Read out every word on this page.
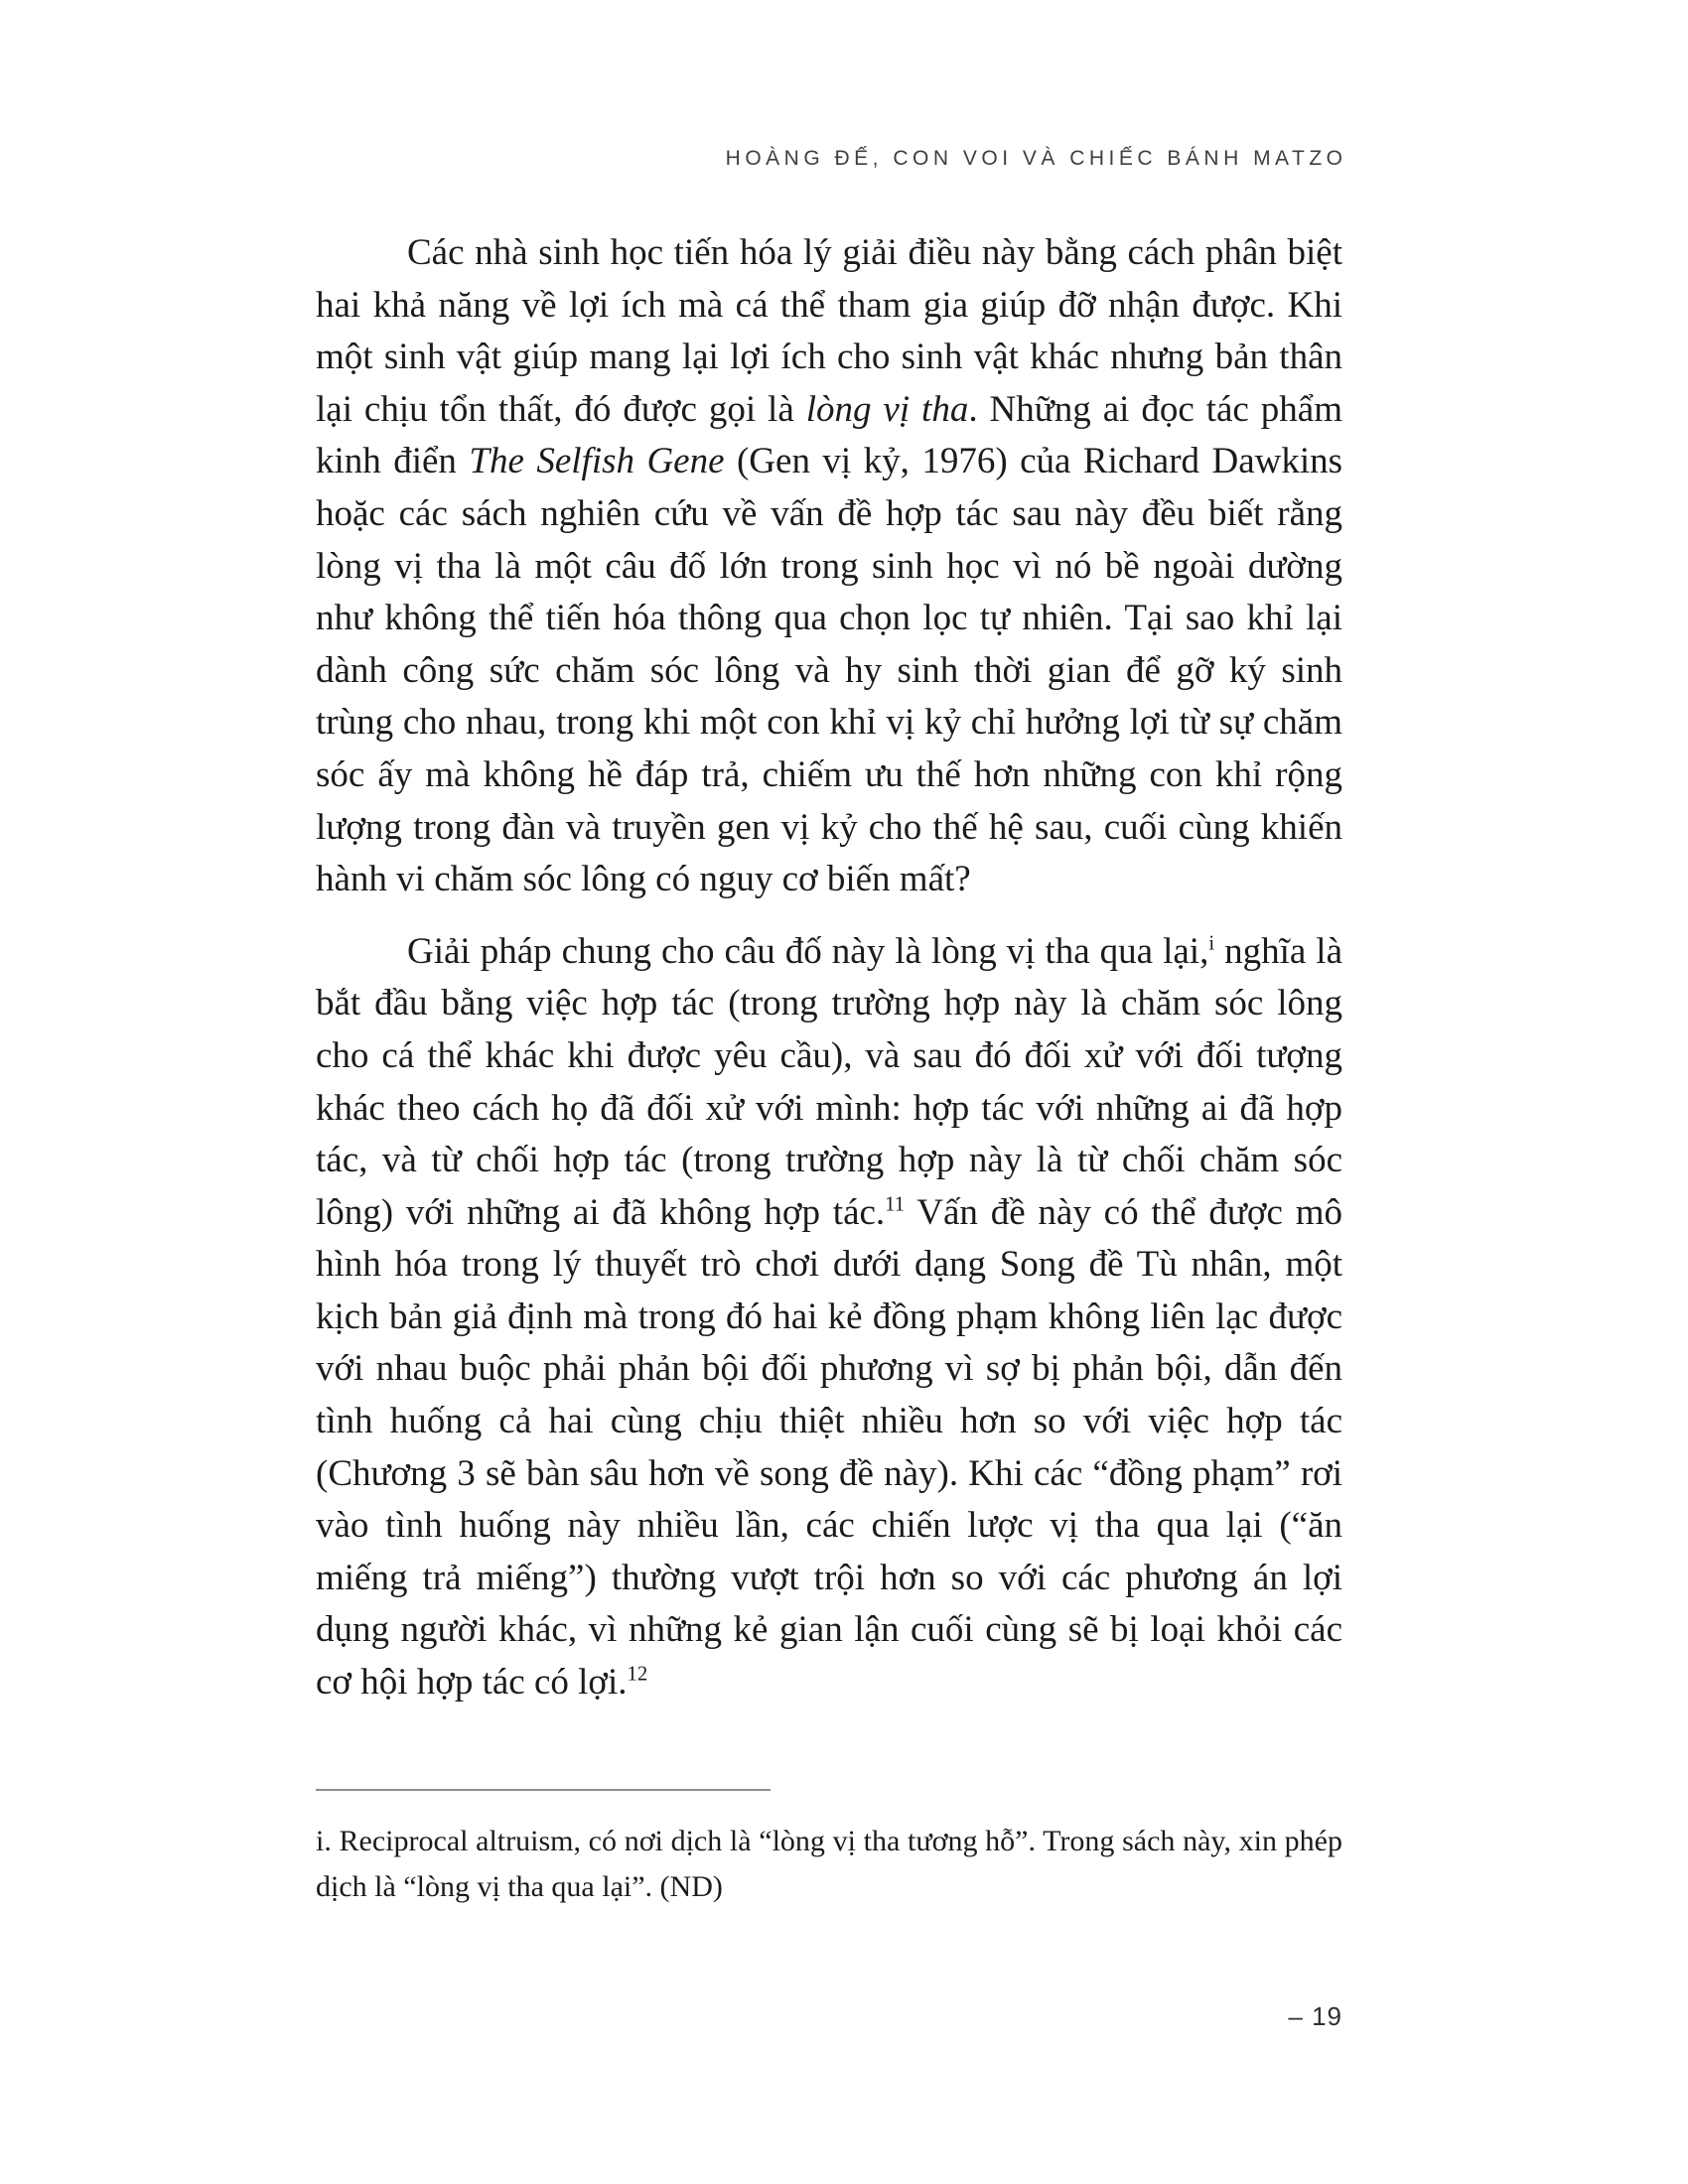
HOÀNG ĐẾ, CON VOI VÀ CHIẾC BÁNH MATZO

Các nhà sinh học tiến hóa lý giải điều này bằng cách phân biệt hai khả năng về lợi ích mà cá thể tham gia giúp đỡ nhận được. Khi một sinh vật giúp mang lại lợi ích cho sinh vật khác nhưng bản thân lại chịu tổn thất, đó được gọi là lòng vị tha. Những ai đọc tác phẩm kinh điển The Selfish Gene (Gen vị kỷ, 1976) của Richard Dawkins hoặc các sách nghiên cứu về vấn đề hợp tác sau này đều biết rằng lòng vị tha là một câu đố lớn trong sinh học vì nó bề ngoài dường như không thể tiến hóa thông qua chọn lọc tự nhiên. Tại sao khỉ lại dành công sức chăm sóc lông và hy sinh thời gian để gỡ ký sinh trùng cho nhau, trong khi một con khỉ vị kỷ chỉ hưởng lợi từ sự chăm sóc ấy mà không hề đáp trả, chiếm ưu thế hơn những con khỉ rộng lượng trong đàn và truyền gen vị kỷ cho thế hệ sau, cuối cùng khiến hành vi chăm sóc lông có nguy cơ biến mất?

Giải pháp chung cho câu đố này là lòng vị tha qua lại,$^i$ nghĩa là bắt đầu bằng việc hợp tác (trong trường hợp này là chăm sóc lông cho cá thể khác khi được yêu cầu), và sau đó đối xử với đối tượng khác theo cách họ đã đối xử với mình: hợp tác với những ai đã hợp tác, và từ chối hợp tác (trong trường hợp này là từ chối chăm sóc lông) với những ai đã không hợp tác.$^{11}$ Vấn đề này có thể được mô hình hóa trong lý thuyết trò chơi dưới dạng Song đề Tù nhân, một kịch bản giả định mà trong đó hai kẻ đồng phạm không liên lạc được với nhau buộc phải phản bội đối phương vì sợ bị phản bội, dẫn đến tình huống cả hai cùng chịu thiệt nhiều hơn so với việc hợp tác (Chương 3 sẽ bàn sâu hơn về song đề này). Khi các “đồng phạm” rơi vào tình huống này nhiều lần, các chiến lược vị tha qua lại (“ăn miếng trả miếng”) thường vượt trội hơn so với các phương án lợi dụng người khác, vì những kẻ gian lận cuối cùng sẽ bị loại khỏi các cơ hội hợp tác có lợi.$^{12}$

i. Reciprocal altruism, có nơi dịch là “lòng vị tha tương hỗ”. Trong sách này, xin phép dịch là “lòng vị tha qua lại”. (ND)

– 19
